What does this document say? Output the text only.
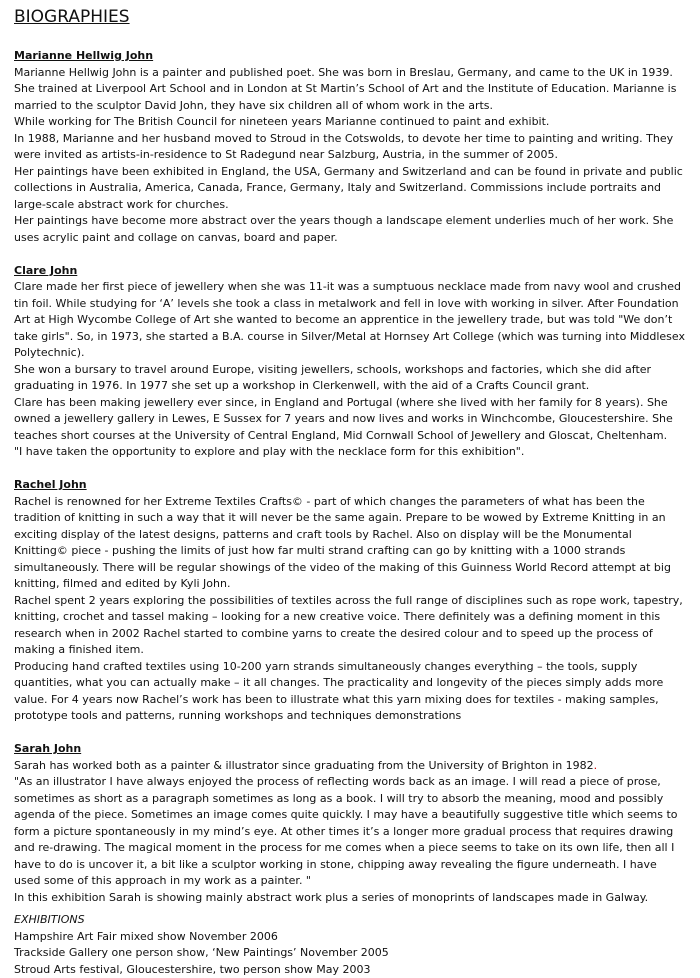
BIOGRAPHIES

Marianne Hellwig John

Marianne Hellwig John is a painter and published poet. She was born in Breslau, Germany, and came to the UK in 1939. She trained at Liverpool Art School and in London at St Martin’s School of Art and the Institute of Education. Marianne is married to the sculptor David John, they have six children all of whom work in the arts.

While working for The British Council for nineteen years Marianne continued to paint and exhibit.

In 1988, Marianne and her husband moved to Stroud in the Cotswolds, to devote her time to painting and writing. They were invited as artists-in-residence to St Radegund near Salzburg, Austria, in the summer of 2005.

Her paintings have been exhibited in England, the USA, Germany and Switzerland and can be found in private and public collections in Australia, America, Canada, France, Germany, Italy and Switzerland. Commissions include portraits and large-scale abstract work for churches.

Her paintings have become more abstract over the years though a landscape element underlies much of her work. She uses acrylic paint and collage on canvas, board and paper.

Clare John

Clare made her first piece of jewellery when she was 11-it was a sumptuous necklace made from navy wool and crushed tin foil. While studying for ‘A’ levels she took a class in metalwork and fell in love with working in silver. After Foundation Art at High Wycombe College of Art she wanted to become an apprentice in the jewellery trade, but was told "We don’t take girls". So, in 1973, she started a B.A. course in Silver/Metal at Hornsey Art College (which was turning into Middlesex Polytechnic).

She won a bursary to travel around Europe, visiting jewellers, schools, workshops and factories, which she did after graduating in 1976. In 1977 she set up a workshop in Clerkenwell, with the aid of a Crafts Council grant.

Clare has been making jewellery ever since, in England and Portugal (where she lived with her family for 8 years). She owned a jewellery gallery in Lewes, E Sussex for 7 years and now lives and works in Winchcombe, Gloucestershire. She teaches short courses at the University of Central England, Mid Cornwall School of Jewellery and Gloscat, Cheltenham.

"I have taken the opportunity to explore and play with the necklace form for this exhibition".

Rachel John

Rachel is renowned for her Extreme Textiles Crafts© - part of which changes the parameters of what has been the tradition of knitting in such a way that it will never be the same again. Prepare to be wowed by Extreme Knitting in an exciting display of the latest designs, patterns and craft tools by Rachel. Also on display will be the Monumental Knitting© piece - pushing the limits of just how far multi strand crafting can go by knitting with a 1000 strands simultaneously. There will be regular showings of the video of the making of this Guinness World Record attempt at big knitting, filmed and edited by Kyli John.

Rachel spent 2 years exploring the possibilities of textiles across the full range of disciplines such as rope work, tapestry, knitting, crochet and tassel making – looking for a new creative voice. There definitely was a defining moment in this research when in 2002 Rachel started to combine yarns to create the desired colour and to speed up the process of making a finished item.

Producing hand crafted textiles using 10-200 yarn strands simultaneously changes everything – the tools, supply quantities, what you can actually make – it all changes. The practicality and longevity of the pieces simply adds more value. For 4 years now Rachel’s work has been to illustrate what this yarn mixing does for textiles - making samples, prototype tools and patterns, running workshops and techniques demonstrations

Sarah John

Sarah has worked both as a painter & illustrator since graduating from the University of Brighton in 1982.

"As an illustrator I have always enjoyed the process of reflecting words back as an image. I will read a piece of prose, sometimes as short as a paragraph sometimes as long as a book. I will try to absorb the meaning, mood and possibly agenda of the piece. Sometimes an image comes quite quickly. I may have a beautifully suggestive title which seems to form a picture spontaneously in my mind’s eye. At other times it’s a longer more gradual process that requires drawing and re-drawing. The magical moment in the process for me comes when a piece seems to take on its own life, then all I have to do is uncover it, a bit like a sculptor working in stone, chipping away revealing the figure underneath. I have used some of this approach in my work as a painter. "

In this exhibition Sarah is showing mainly abstract work plus a series of monoprints of landscapes made in Galway.

EXHIBITIONS

Hampshire Art Fair mixed show November 2006

Trackside Gallery one person show, ‘New Paintings’ November 2005

Stroud Arts festival, Gloucestershire, two person show May 2003
